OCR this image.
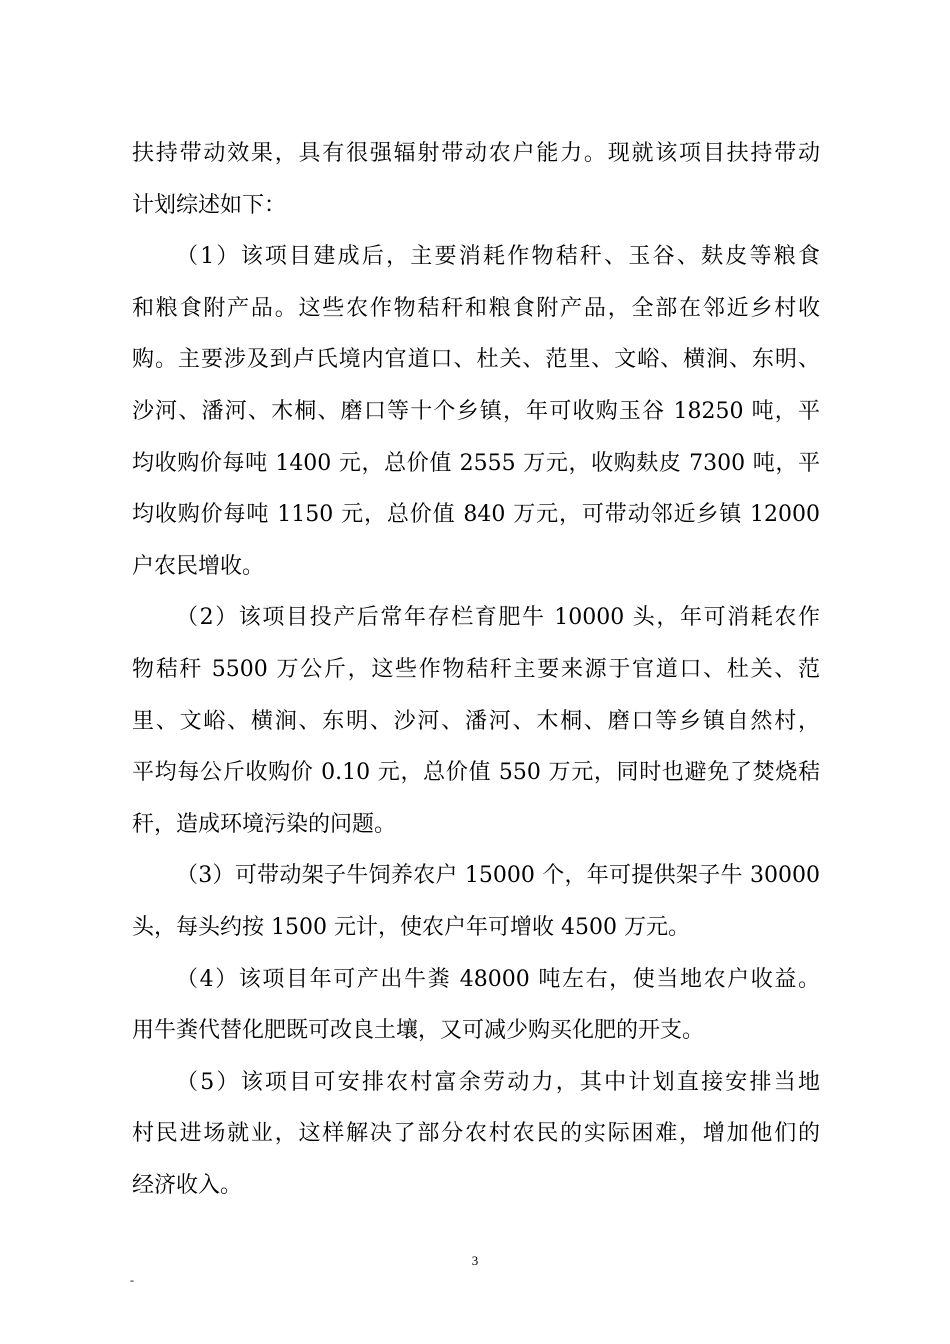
扶持带动效果，具有很强辐射带动农户能力。现就该项目扶持带动
计划综述如下：
（1）该项目建成后，主要消耗作物秸秆、玉谷、麸皮等粮食
和粮食附产品。这些农作物秸秆和粮食附产品，全部在邻近乡村收
购。主要涉及到卢氏境内官道口、杜关、范里、文峪、横涧、东明、
沙河、潘河、木桐、磨口等十个乡镇，年可收购玉谷 18250 吨，平
均收购价每吨 1400 元，总价值 2555 万元，收购麸皮 7300 吨，平
均收购价每吨 1150 元，总价值 840 万元，可带动邻近乡镇 12000
户农民增收。
（2）该项目投产后常年存栏育肥牛 10000 头，年可消耗农作
物秸秆 5500 万公斤，这些作物秸秆主要来源于官道口、杜关、范
里、文峪、横涧、东明、沙河、潘河、木桐、磨口等乡镇自然村，
平均每公斤收购价 0.10 元，总价值 550 万元，同时也避免了焚烧秸
秆，造成环境污染的问题。
（3）可带动架子牛饲养农户 15000 个，年可提供架子牛 30000
头，每头约按 1500 元计，使农户年可增收 4500 万元。
（4）该项目年可产出牛粪 48000 吨左右，使当地农户收益。
用牛粪代替化肥既可改良土壤，又可减少购买化肥的开支。
（5）该项目可安排农村富余劳动力，其中计划直接安排当地
村民进场就业，这样解决了部分农村农民的实际困难，增加他们的
经济收入。
3
-
